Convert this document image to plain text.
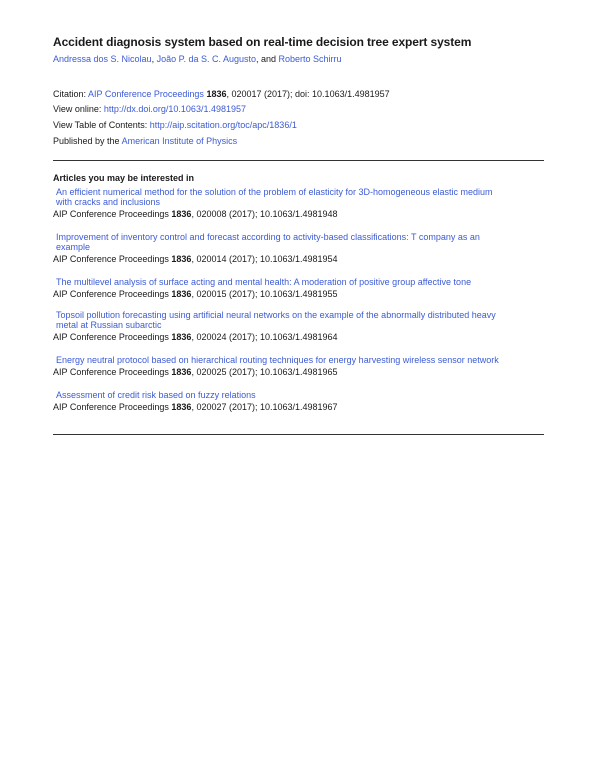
Accident diagnosis system based on real-time decision tree expert system
Andressa dos S. Nicolau, João P. da S. C. Augusto, and Roberto Schirru
Citation: AIP Conference Proceedings 1836, 020017 (2017); doi: 10.1063/1.4981957
View online: http://dx.doi.org/10.1063/1.4981957
View Table of Contents: http://aip.scitation.org/toc/apc/1836/1
Published by the American Institute of Physics
Articles you may be interested in
An efficient numerical method for the solution of the problem of elasticity for 3D-homogeneous elastic medium
with cracks and inclusions
AIP Conference Proceedings 1836, 020008 (2017); 10.1063/1.4981948
Improvement of inventory control and forecast according to activity-based classifications: T company as an
example
AIP Conference Proceedings 1836, 020014 (2017); 10.1063/1.4981954
The multilevel analysis of surface acting and mental health: A moderation of positive group affective tone
AIP Conference Proceedings 1836, 020015 (2017); 10.1063/1.4981955
Topsoil pollution forecasting using artificial neural networks on the example of the abnormally distributed heavy
metal at Russian subarctic
AIP Conference Proceedings 1836, 020024 (2017); 10.1063/1.4981964
Energy neutral protocol based on hierarchical routing techniques for energy harvesting wireless sensor network
AIP Conference Proceedings 1836, 020025 (2017); 10.1063/1.4981965
Assessment of credit risk based on fuzzy relations
AIP Conference Proceedings 1836, 020027 (2017); 10.1063/1.4981967
